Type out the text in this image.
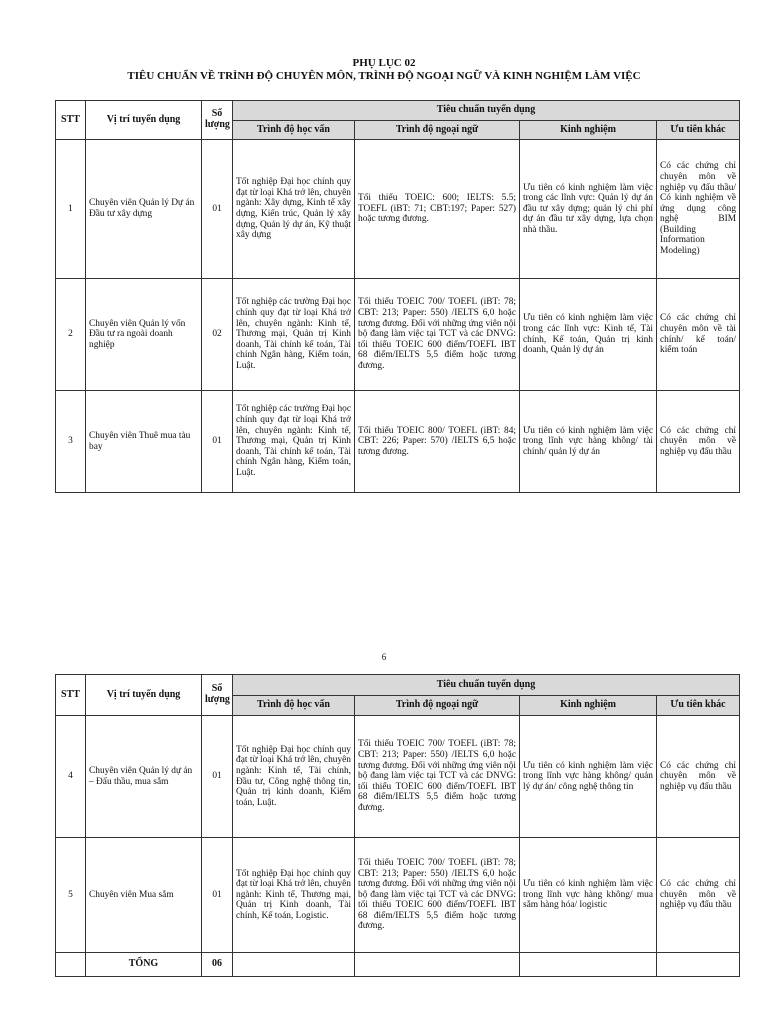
PHỤ LỤC 02
TIÊU CHUẨN VỀ TRÌNH ĐỘ CHUYÊN MÔN, TRÌNH ĐỘ NGOẠI NGỮ VÀ KINH NGHIỆM LÀM VIỆC
STT	Vị trí tuyển dụng	Số lượng	Tiêu chuẩn tuyển dụng			
			Trình độ học vấn	Trình độ ngoại ngữ	Kinh nghiệm	Ưu tiên khác
1	Chuyên viên Quản lý Dự án Đầu tư xây dựng	01	Tốt nghiệp Đại học chính quy đạt từ loại Khá trở lên, chuyên ngành: Xây dựng, Kinh tế xây dựng, Kiến trúc, Quản lý xây dựng, Quản lý dự án, Kỹ thuật xây dựng	Tối thiểu TOEIC: 600; IELTS: 5.5; TOEFL (iBT: 71; CBT:197; Paper: 527) hoặc tương đương.	Ưu tiên có kinh nghiệm làm việc trong các lĩnh vực: Quản lý dự án đầu tư xây dựng; quản lý chi phí dự án đầu tư xây dựng, lựa chọn nhà thầu.	Có các chứng chỉ chuyên môn về nghiệp vụ đấu thầu/ Có kinh nghiệm về ứng dụng công nghệ BIM (Building Information Modeling)
2	Chuyên viên Quản lý vốn Đầu tư ra ngoài doanh nghiệp	02	Tốt nghiệp các trường Đại học chính quy đạt từ loại Khá trở lên, chuyên ngành: Kinh tế, Thương mại, Quản trị Kinh doanh, Tài chính kế toán, Tài chính Ngân hàng, Kiểm toán, Luật.	Tối thiểu TOEIC 700/ TOEFL (iBT: 78; CBT: 213; Paper: 550) /IELTS 6,0 hoặc tương đương. Đối với những ứng viên nội bộ đang làm việc tại TCT và các DNVG: tối thiểu TOEIC 600 điểm/TOEFL IBT 68 điểm/IELTS 5,5 điểm hoặc tương đương.	Ưu tiên có kinh nghiệm làm việc trong các lĩnh vực: Kinh tế, Tài chính, Kế toán, Quản trị kinh doanh, Quản lý dự án	Có các chứng chỉ chuyên môn về tài chính/ kế toán/ kiểm toán
3	Chuyên viên Thuê mua tàu bay	01	Tốt nghiệp các trường Đại học chính quy đạt từ loại Khá trở lên, chuyên ngành: Kinh tế, Thương mại, Quản trị Kinh doanh, Tài chính kế toán, Tài chính Ngân hàng, Kiểm toán, Luật.	Tối thiểu TOEIC 800/ TOEFL (iBT: 84; CBT: 226; Paper: 570) /IELTS 6,5 hoặc tương đương.	Ưu tiên có kinh nghiệm làm việc trong lĩnh vực hàng không/ tài chính/ quản lý dự án	Có các chứng chỉ chuyên môn về nghiệp vụ đấu thầu
6
STT	Vị trí tuyển dụng	Số lượng	Tiêu chuẩn tuyển dụng			
			Trình độ học vấn	Trình độ ngoại ngữ	Kinh nghiệm	Ưu tiên khác
4	Chuyên viên Quản lý dự án – Đấu thầu, mua sắm	01	Tốt nghiệp Đại học chính quy đạt từ loại Khá trở lên, chuyên ngành: Kinh tế, Tài chính, Đầu tư, Công nghệ thông tin, Quản trị kinh doanh, Kiểm toán, Luật.	Tối thiểu TOEIC 700/ TOEFL (iBT: 78; CBT: 213; Paper: 550) /IELTS 6,0 hoặc tương đương. Đối với những ứng viên nội bộ đang làm việc tại TCT và các DNVG: tối thiểu TOEIC 600 điểm/TOEFL IBT 68 điểm/IELTS 5,5 điểm hoặc tương đương.	Ưu tiên có kinh nghiệm làm việc trong lĩnh vực hàng không/ quản lý dự án/ công nghệ thông tin	Có các chứng chỉ chuyên môn về nghiệp vụ đấu thầu
5	Chuyên viên Mua sắm	01	Tốt nghiệp Đại học chính quy đạt từ loại Khá trở lên, chuyên ngành: Kinh tế, Thương mại, Quản trị Kinh doanh, Tài chính, Kế toán, Logistic.	Tối thiểu TOEIC 700/ TOEFL (iBT: 78; CBT: 213; Paper: 550) /IELTS 6,0 hoặc tương đương. Đối với những ứng viên nội bộ đang làm việc tại TCT và các DNVG: tối thiểu TOEIC 600 điểm/TOEFL IBT 68 điểm/IELTS 5,5 điểm hoặc tương đương.	Ưu tiên có kinh nghiệm làm việc trong lĩnh vực hàng không/ mua sắm hàng hóa/ logistic	Có các chứng chỉ chuyên môn về nghiệp vụ đấu thầu
	TỔNG	06				
